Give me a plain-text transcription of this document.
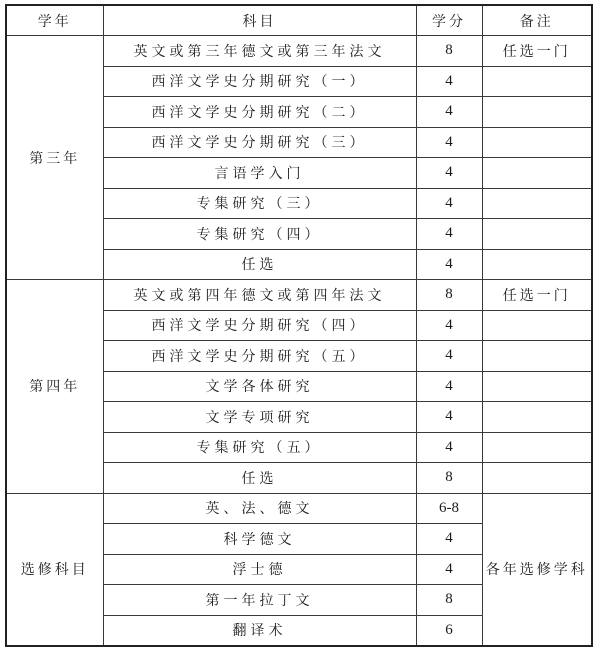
学年	科目	学分	备注
第三年	英文或第三年德文或第三年法文	8	任选一门
	西洋文学史分期研究（一）	4	
	西洋文学史分期研究（二）	4	
	西洋文学史分期研究（三）	4	
	言语学入门	4	
	专集研究（三）	4	
	专集研究（四）	4	
	任选	4	
第四年	英文或第四年德文或第四年法文	8	任选一门
	西洋文学史分期研究（四）	4	
	西洋文学史分期研究（五）	4	
	文学各体研究	4	
	文学专项研究	4	
	专集研究（五）	4	
	任选	8	
选修科目	英、法、德文	6-8	各年选修学科
	科学德文	4	
	浮士德	4	
	第一年拉丁文	8	
	翻译术	6	
